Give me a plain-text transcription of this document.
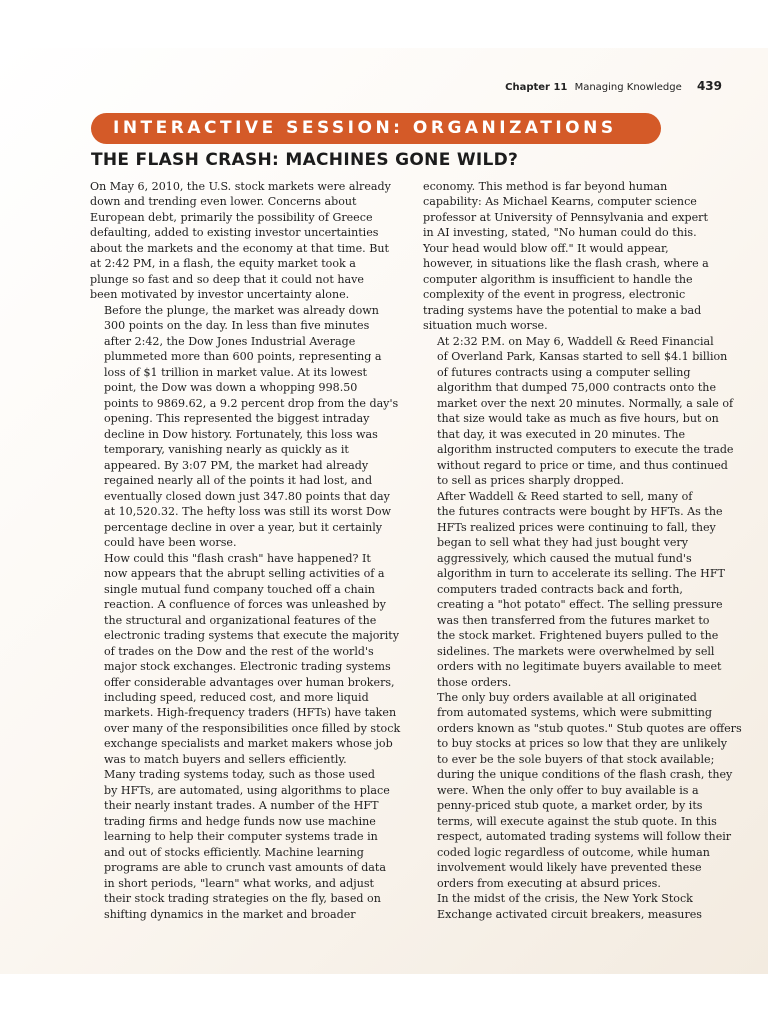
Chapter 11 Managing Knowledge 439
INTERACTIVE SESSION: ORGANIZATIONS
THE FLASH CRASH: MACHINES GONE WILD?

On May 6, 2010, the U.S. stock markets were already
down and trending even lower. Concerns about
European debt, primarily the possibility of Greece
defaulting, added to existing investor uncertainties
about the markets and the economy at that time. But
at 2:42 PM, in a flash, the equity market took a
plunge so fast and so deep that it could not have
been motivated by investor uncertainty alone.

Before the plunge, the market was already down
300 points on the day. In less than five minutes
after 2:42, the Dow Jones Industrial Average
plummeted more than 600 points, representing a
loss of $1 trillion in market value. At its lowest
point, the Dow was down a whopping 998.50
points to 9869.62, a 9.2 percent drop from the day's
opening. This represented the biggest intraday
decline in Dow history. Fortunately, this loss was
temporary, vanishing nearly as quickly as it
appeared. By 3:07 PM, the market had already
regained nearly all of the points it had lost, and
eventually closed down just 347.80 points that day
at 10,520.32. The hefty loss was still its worst Dow
percentage decline in over a year, but it certainly
could have been worse.

How could this "flash crash" have happened? It
now appears that the abrupt selling activities of a
single mutual fund company touched off a chain
reaction. A confluence of forces was unleashed by
the structural and organizational features of the
electronic trading systems that execute the majority
of trades on the Dow and the rest of the world's
major stock exchanges. Electronic trading systems
offer considerable advantages over human brokers,
including speed, reduced cost, and more liquid
markets. High-frequency traders (HFTs) have taken
over many of the responsibilities once filled by stock
exchange specialists and market makers whose job
was to match buyers and sellers efficiently.

Many trading systems today, such as those used
by HFTs, are automated, using algorithms to place
their nearly instant trades. A number of the HFT
trading firms and hedge funds now use machine
learning to help their computer systems trade in
and out of stocks efficiently. Machine learning
programs are able to crunch vast amounts of data
in short periods, "learn" what works, and adjust
their stock trading strategies on the fly, based on
shifting dynamics in the market and broader

economy. This method is far beyond human
capability: As Michael Kearns, computer science
professor at University of Pennsylvania and expert
in AI investing, stated, "No human could do this.
Your head would blow off." It would appear,
however, in situations like the flash crash, where a
computer algorithm is insufficient to handle the
complexity of the event in progress, electronic
trading systems have the potential to make a bad
situation much worse.

At 2:32 P.M. on May 6, Waddell & Reed Financial
of Overland Park, Kansas started to sell $4.1 billion
of futures contracts using a computer selling
algorithm that dumped 75,000 contracts onto the
market over the next 20 minutes. Normally, a sale of
that size would take as much as five hours, but on
that day, it was executed in 20 minutes. The
algorithm instructed computers to execute the trade
without regard to price or time, and thus continued
to sell as prices sharply dropped.

After Waddell & Reed started to sell, many of
the futures contracts were bought by HFTs. As the
HFTs realized prices were continuing to fall, they
began to sell what they had just bought very
aggressively, which caused the mutual fund's
algorithm in turn to accelerate its selling. The HFT
computers traded contracts back and forth,
creating a "hot potato" effect. The selling pressure
was then transferred from the futures market to
the stock market. Frightened buyers pulled to the
sidelines. The markets were overwhelmed by sell
orders with no legitimate buyers available to meet
those orders.

The only buy orders available at all originated
from automated systems, which were submitting
orders known as "stub quotes." Stub quotes are offers
to buy stocks at prices so low that they are unlikely
to ever be the sole buyers of that stock available;
during the unique conditions of the flash crash, they
were. When the only offer to buy available is a
penny-priced stub quote, a market order, by its
terms, will execute against the stub quote. In this
respect, automated trading systems will follow their
coded logic regardless of outcome, while human
involvement would likely have prevented these
orders from executing at absurd prices.

In the midst of the crisis, the New York Stock
Exchange activated circuit breakers, measures
